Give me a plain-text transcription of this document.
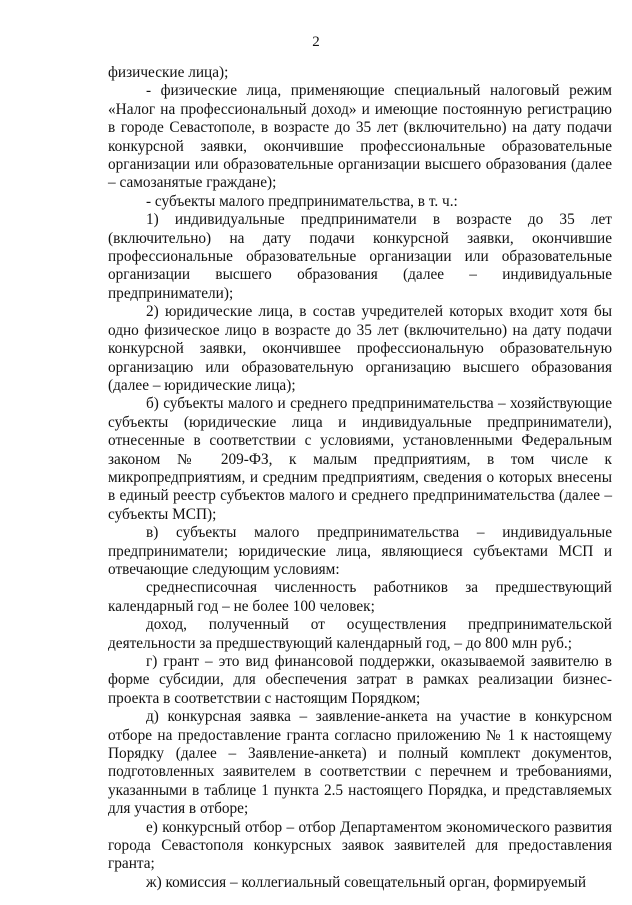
2

физические лица);

- физические лица, применяющие специальный налоговый режим «Налог на профессиональный доход» и имеющие постоянную регистрацию в городе Севастополе, в возрасте до 35 лет (включительно) на дату подачи конкурсной заявки, окончившие профессиональные образовательные организации или образовательные организации высшего образования (далее – самозанятые граждане);

- субъекты малого предпринимательства, в т. ч.:

1) индивидуальные предприниматели в возрасте до 35 лет (включительно) на дату подачи конкурсной заявки, окончившие профессиональные образовательные организации или образовательные организации высшего образования (далее – индивидуальные предприниматели);

2) юридические лица, в состав учредителей которых входит хотя бы одно физическое лицо в возрасте до 35 лет (включительно) на дату подачи конкурсной заявки, окончившее профессиональную образовательную организацию или образовательную организацию высшего образования (далее – юридические лица);

б) субъекты малого и среднего предпринимательства – хозяйствующие субъекты (юридические лица и индивидуальные предприниматели), отнесенные в соответствии с условиями, установленными Федеральным законом № 209-ФЗ, к малым предприятиям, в том числе к микропредприятиям, и средним предприятиям, сведения о которых внесены в единый реестр субъектов малого и среднего предпринимательства (далее – субъекты МСП);

в) субъекты малого предпринимательства – индивидуальные предприниматели; юридические лица, являющиеся субъектами МСП и отвечающие следующим условиям:

среднесписочная численность работников за предшествующий календарный год – не более 100 человек;

доход, полученный от осуществления предпринимательской деятельности за предшествующий календарный год, – до 800 млн руб.;

г) грант – это вид финансовой поддержки, оказываемой заявителю в форме субсидии, для обеспечения затрат в рамках реализации бизнес-проекта в соответствии с настоящим Порядком;

д) конкурсная заявка – заявление-анкета на участие в конкурсном отборе на предоставление гранта согласно приложению № 1 к настоящему Порядку (далее – Заявление-анкета) и полный комплект документов, подготовленных заявителем в соответствии с перечнем и требованиями, указанными в таблице 1 пункта 2.5 настоящего Порядка, и представляемых для участия в отборе;

е) конкурсный отбор – отбор Департаментом экономического развития города Севастополя конкурсных заявок заявителей для предоставления гранта;

ж) комиссия – коллегиальный совещательный орган, формируемый
